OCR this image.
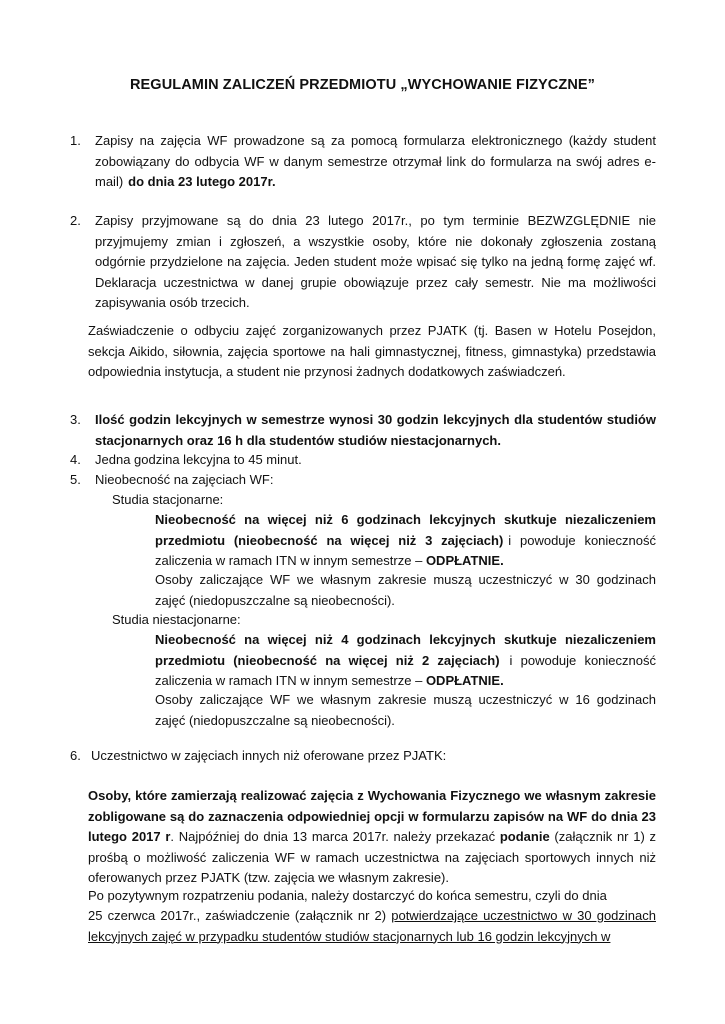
REGULAMIN ZALICZEŃ PRZEDMIOTU „WYCHOWANIE FIZYCZNE”
1.	Zapisy na zajęcia WF prowadzone są za pomocą formularza elektronicznego (każdy student zobowiązany do odbycia WF w danym semestrze otrzymał link do formularza na swój adres e-mail) do dnia 23 lutego 2017r.
2.	Zapisy przyjmowane są do dnia 23 lutego 2017r., po tym terminie BEZWZGLĘDNIE nie przyjmujemy zmian i zgłoszeń, a wszystkie osoby, które nie dokonały zgłoszenia zostaną odgórnie przydzielone na zajęcia. Jeden student może wpisać się tylko na jedną formę zajęć wf. Deklaracja uczestnictwa w danej grupie obowiązuje przez cały semestr. Nie ma możliwości zapisywania osób trzecich.
Zaświadczenie o odbyciu zajęć zorganizowanych przez PJATK (tj. Basen w Hotelu Posejdon, sekcja Aikido, siłownia, zajęcia sportowe na hali gimnastycznej, fitness, gimnastyka) przedstawia odpowiednia instytucja, a student nie przynosi żadnych dodatkowych zaświadczeń.
3.	Ilość godzin lekcyjnych w semestrze wynosi 30 godzin lekcyjnych dla studentów studiów stacjonarnych oraz 16 h dla studentów studiów niestacjonarnych.
4.	Jedna godzina lekcyjna to 45 minut.
5.	Nieobecność na zajęciach WF:
Studia stacjonarne:
Nieobecność na więcej niż 6 godzinach lekcyjnych skutkuje niezaliczeniem przedmiotu (nieobecność na więcej niż 3 zajęciach) i powoduje konieczność zaliczenia w ramach ITN w innym semestrze – ODPŁATNIE.
Osoby zaliczające WF we własnym zakresie muszą uczestniczyć w 30 godzinach zajęć (niedopuszczalne są nieobecności).
Studia niestacjonarne:
Nieobecność na więcej niż 4 godzinach lekcyjnych skutkuje niezaliczeniem przedmiotu (nieobecność na więcej niż 2 zajęciach) i powoduje konieczność zaliczenia w ramach ITN w innym semestrze – ODPŁATNIE.
Osoby zaliczające WF we własnym zakresie muszą uczestniczyć w 16 godzinach zajęć (niedopuszczalne są nieobecności).
6. Uczestnictwo w zajęciach innych niż oferowane przez PJATK:
Osoby, które zamierzają realizować zajęcia z Wychowania Fizycznego we własnym zakresie zobligowane są do zaznaczenia odpowiedniej opcji w formularzu zapisów na WF do dnia 23 lutego 2017 r. Najpóźniej do dnia 13 marca 2017r. należy przekazać podanie (załącznik nr 1) z prośbą o możliwość zaliczenia WF w ramach uczestnictwa na zajęciach sportowych innych niż oferowanych przez PJATK (tzw. zajęcia we własnym zakresie).
Po pozytywnym rozpatrzeniu podania, należy dostarczyć do końca semestru, czyli do dnia
25 czerwca 2017r., zaświadczenie (załącznik nr 2) potwierdzające uczestnictwo w 30 godzinach lekcyjnych zajęć w przypadku studentów studiów stacjonarnych lub 16 godzin lekcyjnych w
